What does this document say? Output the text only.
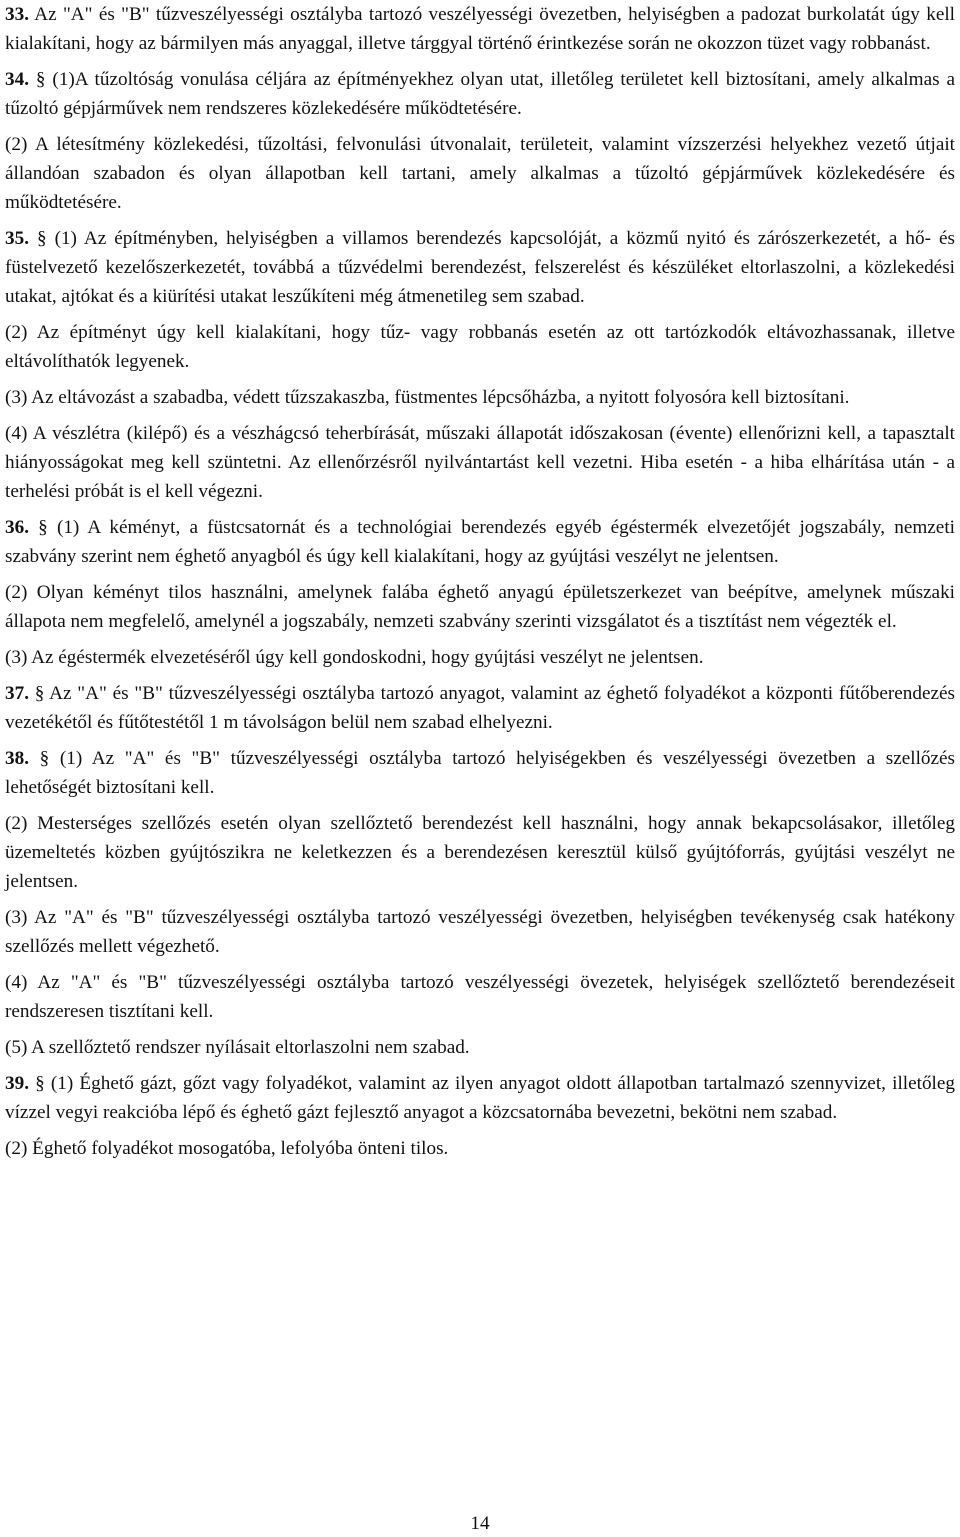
33. Az "A" és "B" tűzveszélyességi osztályba tartozó veszélyességi övezetben, helyiségben a padozat burkolatát úgy kell kialakítani, hogy az bármilyen más anyaggal, illetve tárggyal történő érintkezése során ne okozzon tüzet vagy robbanást.

34. § (1)A tűzoltóság vonulása céljára az építményekhez olyan utat, illetőleg területet kell biztosítani, amely alkalmas a tűzoltó gépjárművek nem rendszeres közlekedésére működtetésére.

(2) A létesítmény közlekedési, tűzoltási, felvonulási útvonalait, területeit, valamint vízszerzési helyekhez vezető útjait állandóan szabadon és olyan állapotban kell tartani, amely alkalmas a tűzoltó gépjárművek közlekedésére és működtetésére.

35. § (1) Az építményben, helyiségben a villamos berendezés kapcsolóját, a közmű nyitó és zárószerkezetét, a hő- és füstelvezető kezelőszerkezetét, továbbá a tűzvédelmi berendezést, felszerelést és készüléket eltorlaszolni, a közlekedési utakat, ajtókat és a kiürítési utakat leszűkíteni még átmenetileg sem szabad.

(2) Az építményt úgy kell kialakítani, hogy tűz- vagy robbanás esetén az ott tartózkodók eltávozhassanak, illetve eltávolíthatók legyenek.

(3) Az eltávozást a szabadba, védett tűzszakaszba, füstmentes lépcsőházba, a nyitott folyosóra kell biztosítani.

(4) A vészlétra (kilépő) és a vészhágcsó teherbírását, műszaki állapotát időszakosan (évente) ellenőrizni kell, a tapasztalt hiányosságokat meg kell szüntetni. Az ellenőrzésről nyilvántartást kell vezetni. Hiba esetén - a hiba elhárítása után - a terhelési próbát is el kell végezni.

36. § (1) A kéményt, a füstcsatornát és a technológiai berendezés egyéb égéstermék elvezetőjét jogszabály, nemzeti szabvány szerint nem éghető anyagból és úgy kell kialakítani, hogy az gyújtási veszélyt ne jelentsen.

(2) Olyan kéményt tilos használni, amelynek falába éghető anyagú épületszerkezet van beépítve, amelynek műszaki állapota nem megfelelő, amelynél a jogszabály, nemzeti szabvány szerinti vizsgálatot és a tisztítást nem végezték el.

(3) Az égéstermék elvezetéséről úgy kell gondoskodni, hogy gyújtási veszélyt ne jelentsen.

37. § Az "A" és "B" tűzveszélyességi osztályba tartozó anyagot, valamint az éghető folyadékot a központi fűtőberendezés vezetékétől és fűtőtestétől 1 m távolságon belül nem szabad elhelyezni.

38. § (1) Az "A" és "B" tűzveszélyességi osztályba tartozó helyiségekben és veszélyességi övezetben a szellőzés lehetőségét biztosítani kell.

(2) Mesterséges szellőzés esetén olyan szellőztető berendezést kell használni, hogy annak bekapcsolásakor, illetőleg üzemeltetés közben gyújtószikra ne keletkezzen és a berendezésen keresztül külső gyújtóforrás, gyújtási veszélyt ne jelentsen.

(3) Az "A" és "B" tűzveszélyességi osztályba tartozó veszélyességi övezetben, helyiségben tevékenység csak hatékony szellőzés mellett végezhető.

(4) Az "A" és "B" tűzveszélyességi osztályba tartozó veszélyességi övezetek, helyiségek szellőztető berendezéseit rendszeresen tisztítani kell.

(5) A szellőztető rendszer nyílásait eltorlaszolni nem szabad.

39. § (1) Éghető gázt, gőzt vagy folyadékot, valamint az ilyen anyagot oldott állapotban tartalmazó szennyvizet, illetőleg vízzel vegyi reakcióba lépő és éghető gázt fejlesztő anyagot a közcsatornába bevezetni, bekötni nem szabad.

(2) Éghető folyadékot mosogatóba, lefolyóba önteni tilos.

14
